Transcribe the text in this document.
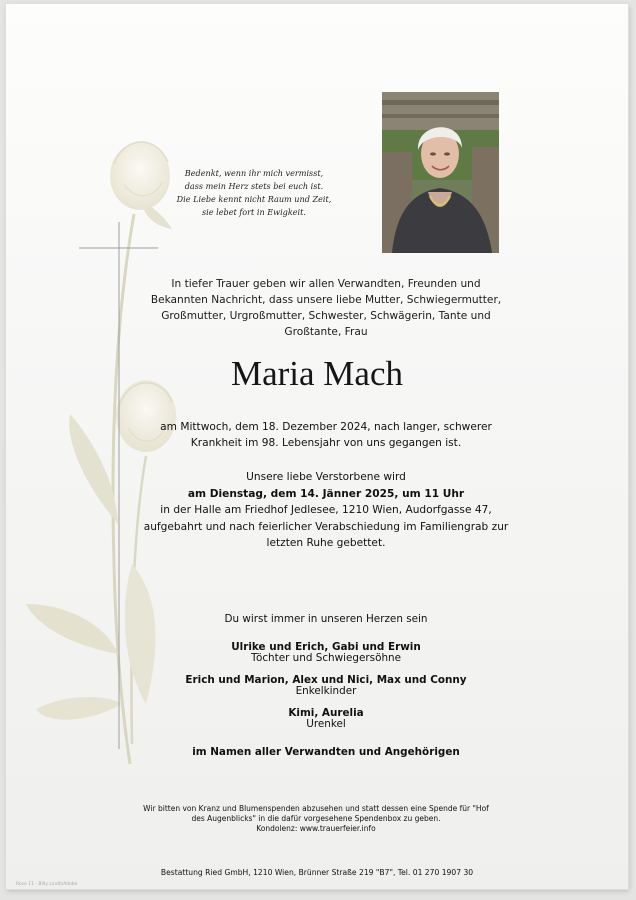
Bedenkt, wenn ihr mich vermisst,
dass mein Herz stets bei euch ist.
Die Liebe kennt nicht Raum und Zeit,
sie lebet fort in Ewigkeit.
In tiefer Trauer geben wir allen Verwandten, Freunden und
Bekannten Nachricht, dass unsere liebe Mutter, Schwiegermutter,
Großmutter, Urgroßmutter, Schwester, Schwägerin, Tante und
Großtante, Frau
Maria Mach
am Mittwoch, dem 18. Dezember 2024, nach langer, schwerer
Krankheit im 98. Lebensjahr von uns gegangen ist.
Unsere liebe Verstorbene wird
am Dienstag, dem 14. Jänner 2025, um 11 Uhr
in der Halle am Friedhof Jedlesee, 1210 Wien, Audorfgasse 47,
aufgebahrt und nach feierlicher Verabschiedung im Familiengrab zur
letzten Ruhe gebettet.
Du wirst immer in unseren Herzen sein
Ulrike und Erich, Gabi und Erwin
Töchter und Schwiegersöhne
Erich und Marion, Alex und Nici, Max und Conny
Enkelkinder
Kimi, Aurelia
Urenkel
im Namen aller Verwandten und Angehörigen
Wir bitten von Kranz und Blumenspenden abzusehen und statt dessen eine Spende für "Hof
des Augenblicks" in die dafür vorgesehene Spendenbox zu geben.
Kondolenz: www.trauerfeier.info
Bestattung Ried GmbH, 1210 Wien, Brünner Straße 219 "B7", Tel. 01 270 1907 30
Rose 11 - Billy Lindh/Adobe
